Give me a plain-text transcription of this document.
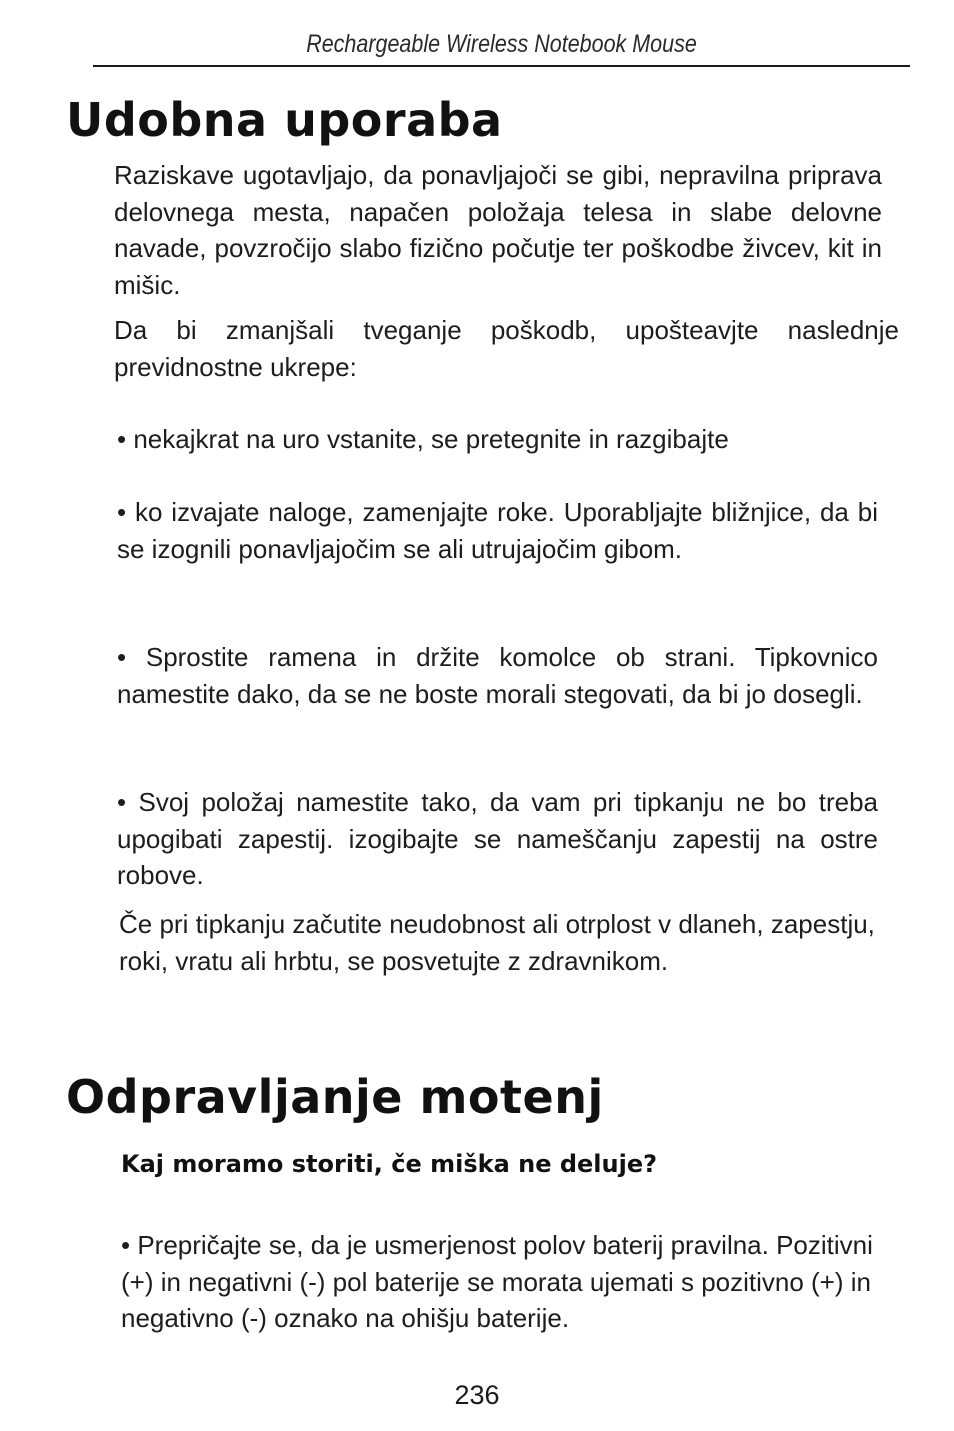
Rechargeable Wireless Notebook Mouse
Udobna uporaba

Raziskave ugotavljajo, da ponavljajoči se gibi, nepravilna priprava delovnega mesta, napačen položaja telesa in slabe delovne navade, povzročijo slabo fizično počutje ter poškodbe živcev, kit in mišic.

Da bi zmanjšali tveganje poškodb, upošteavjte naslednje previdnostne ukrepe:

• nekajkrat na uro vstanite, se pretegnite in razgibajte

• ko izvajate naloge, zamenjajte roke. Uporabljajte bližnjice, da bi se izognili ponavljajočim se ali utrujajočim gibom.

• Sprostite ramena in držite komolce ob strani. Tipkovnico namestite dako, da se ne boste morali stegovati, da bi jo dosegli.

• Svoj položaj namestite tako, da vam pri tipkanju ne bo treba upogibati zapestij. izogibajte se nameščanju zapestij na ostre robove.

Če pri tipkanju začutite neudobnost ali otrplost v dlaneh, zapestju, roki, vratu ali hrbtu, se posvetujte z zdravnikom.

Odpravljanje motenj

Kaj moramo storiti, če miška ne deluje?

• Prepričajte se, da je usmerjenost polov baterij pravilna. Pozitivni (+) in negativni (-) pol baterije se morata ujemati s pozitivno (+) in negativno (-) oznako na ohišju baterije.

236
